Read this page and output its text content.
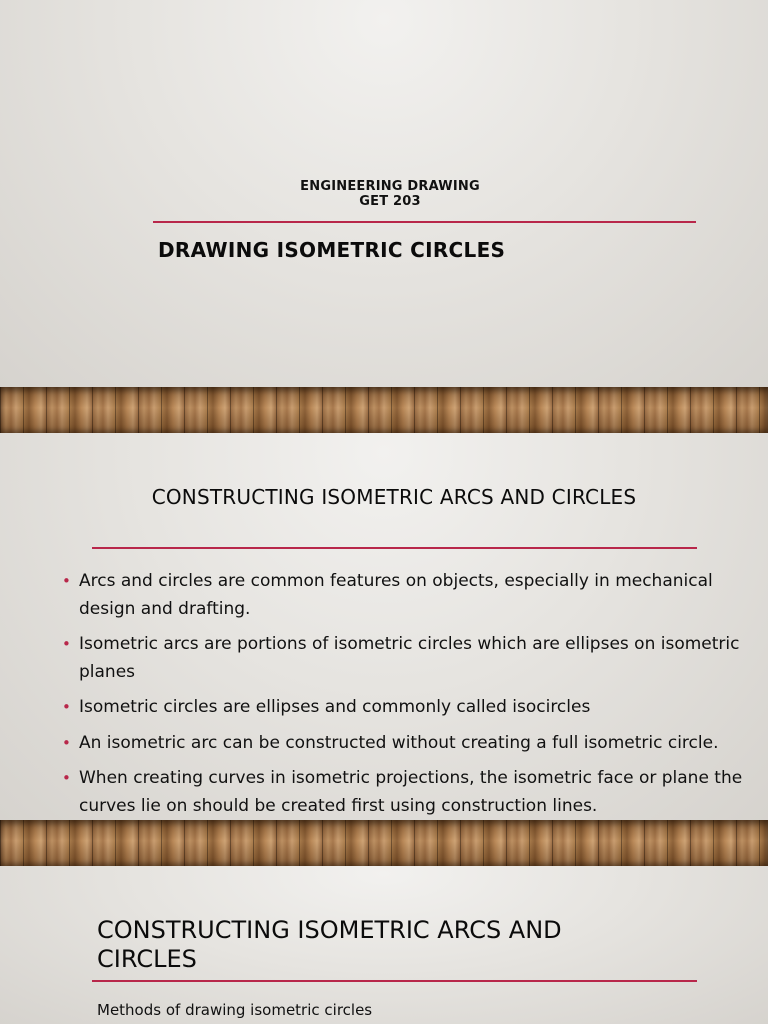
ENGINEERING DRAWING
GET 203
DRAWING ISOMETRIC CIRCLES
CONSTRUCTING ISOMETRIC ARCS AND CIRCLES
• Arcs and circles are common features on objects, especially in mechanical design and drafting.
• Isometric arcs are portions of isometric circles which are ellipses on isometric planes
• Isometric circles are ellipses and commonly called isocircles
• An isometric arc can be constructed without creating a full isometric circle.
• When creating curves in isometric projections, the isometric face or plane the curves lie on should be created first using construction lines.
CONSTRUCTING ISOMETRIC ARCS AND CIRCLES
Methods of drawing isometric circles
